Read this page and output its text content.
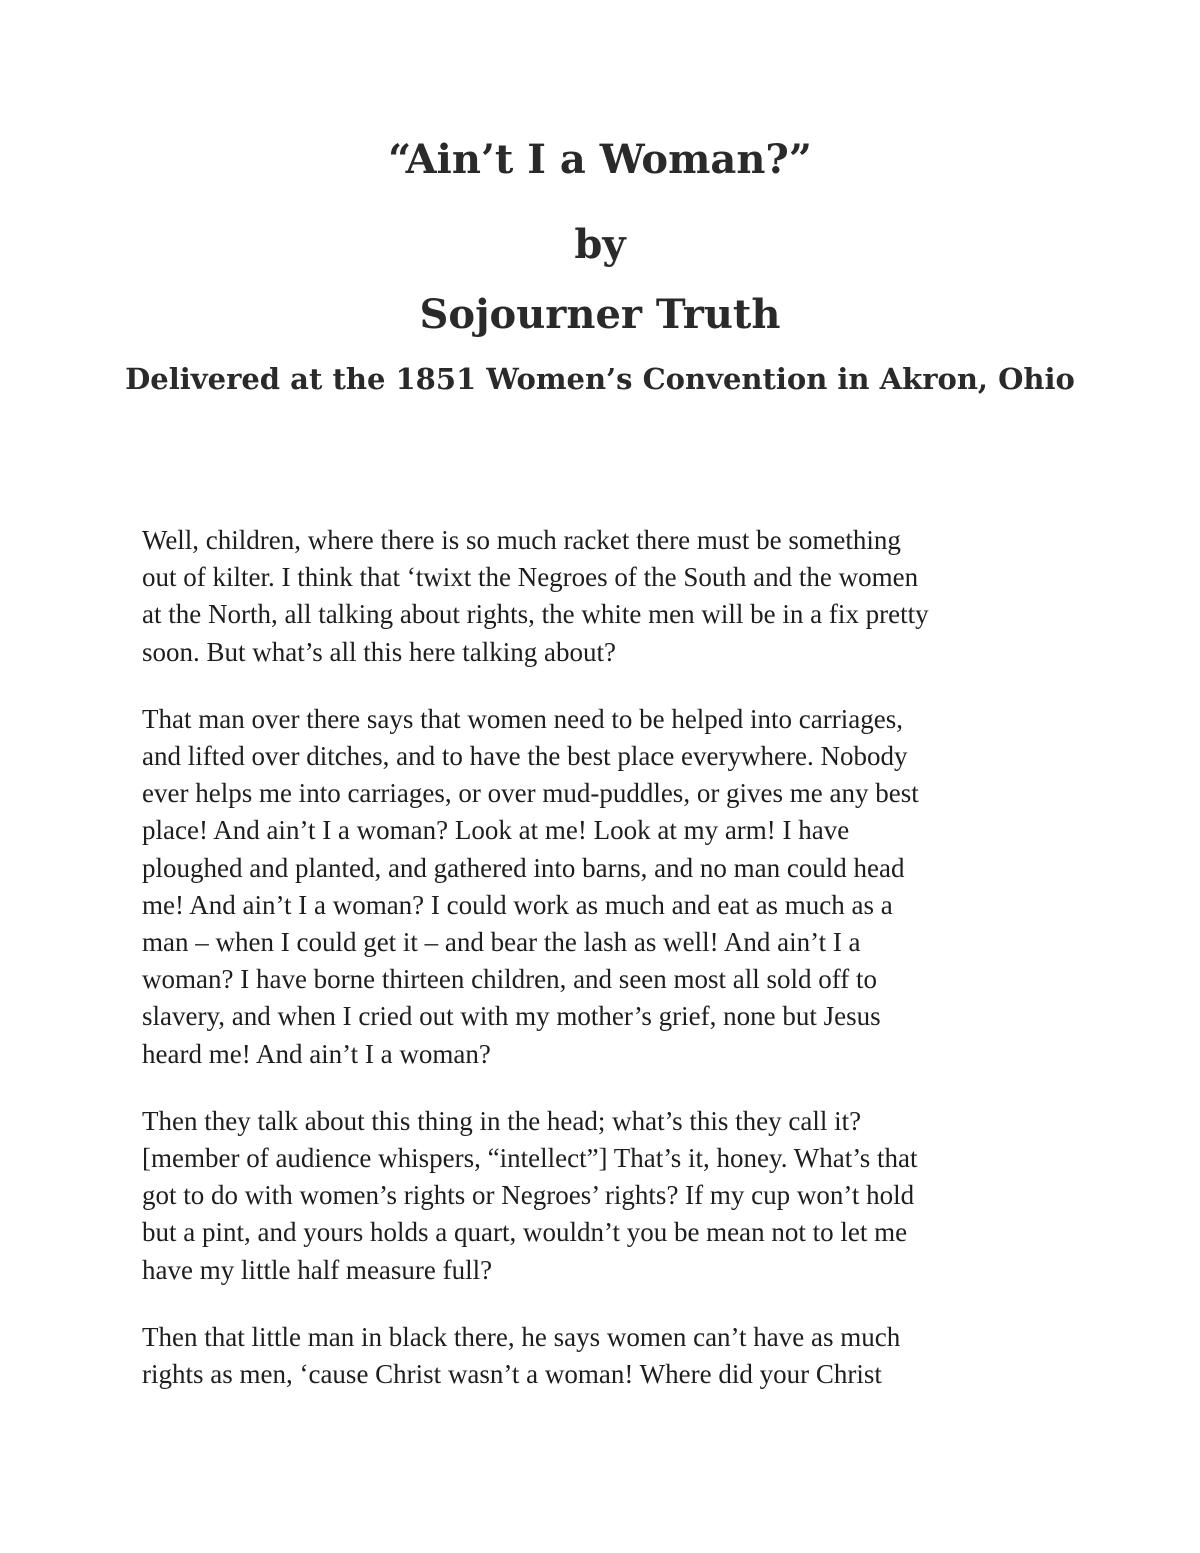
“Ain’t I a Woman?”
by
Sojourner Truth
Delivered at the 1851 Women’s Convention in Akron, Ohio

Well, children, where there is so much racket there must be something
out of kilter. I think that ‘twixt the Negroes of the South and the women
at the North, all talking about rights, the white men will be in a fix pretty
soon. But what’s all this here talking about?

That man over there says that women need to be helped into carriages,
and lifted over ditches, and to have the best place everywhere. Nobody
ever helps me into carriages, or over mud-puddles, or gives me any best
place! And ain’t I a woman? Look at me! Look at my arm! I have
ploughed and planted, and gathered into barns, and no man could head
me! And ain’t I a woman? I could work as much and eat as much as a
man – when I could get it – and bear the lash as well! And ain’t I a
woman? I have borne thirteen children, and seen most all sold off to
slavery, and when I cried out with my mother’s grief, none but Jesus
heard me! And ain’t I a woman?

Then they talk about this thing in the head; what’s this they call it?
[member of audience whispers, “intellect”] That’s it, honey. What’s that
got to do with women’s rights or Negroes’ rights? If my cup won’t hold
but a pint, and yours holds a quart, wouldn’t you be mean not to let me
have my little half measure full?

Then that little man in black there, he says women can’t have as much
rights as men, ‘cause Christ wasn’t a woman! Where did your Christ
